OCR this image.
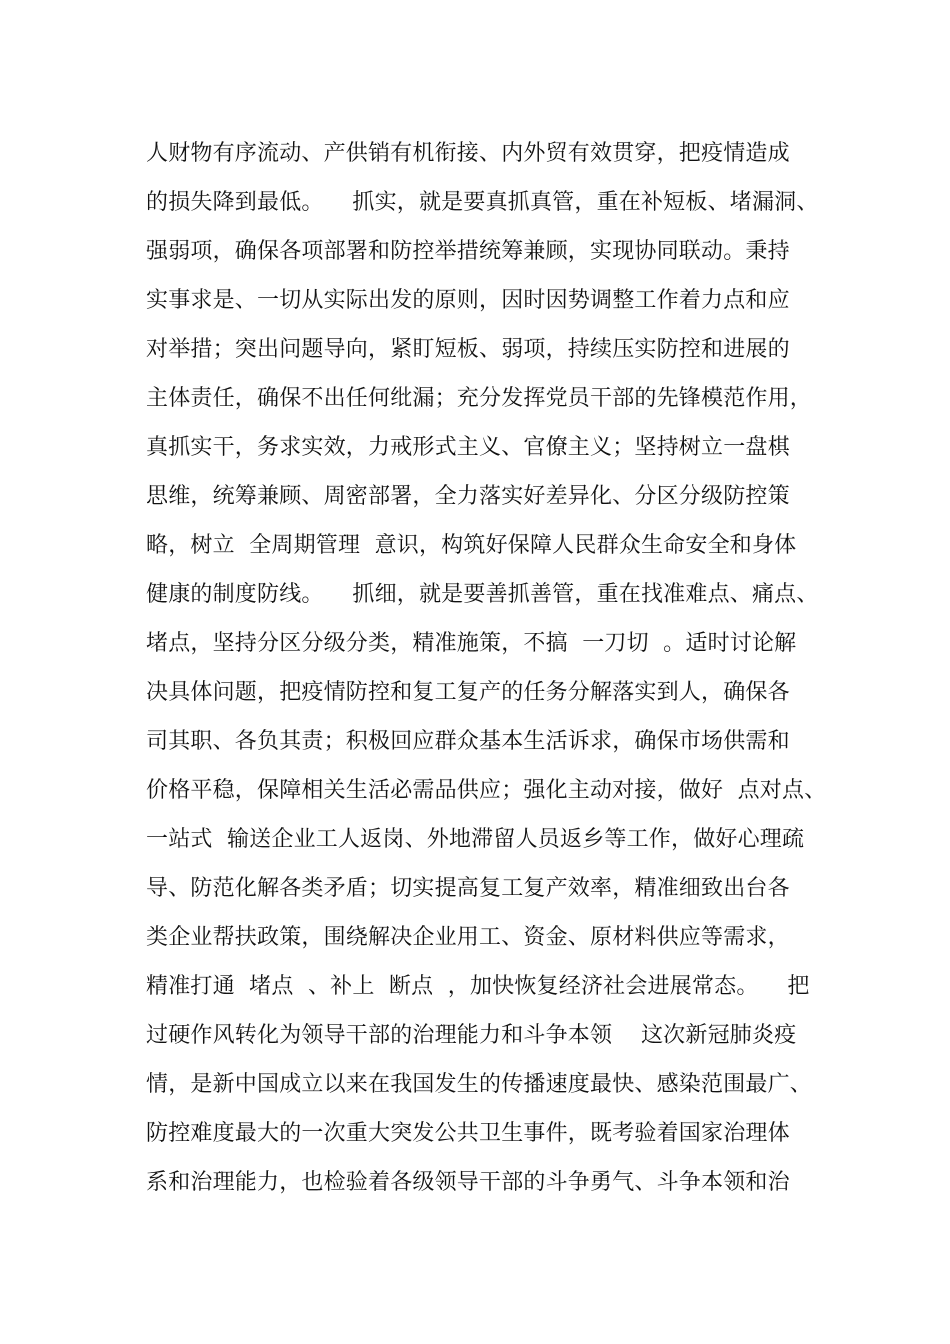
人财物有序流动、产供销有机衔接、内外贸有效贯穿，把疫情造成
的损失降到最低。    抓实，就是要真抓真管，重在补短板、堵漏洞、
强弱项，确保各项部署和防控举措统筹兼顾，实现协同联动。秉持
实事求是、一切从实际出发的原则，因时因势调整工作着力点和应
对举措；突出问题导向，紧盯短板、弱项，持续压实防控和进展的
主体责任，确保不出任何纰漏；充分发挥党员干部的先锋模范作用，
真抓实干，务求实效，力戒形式主义、官僚主义；坚持树立一盘棋
思维，统筹兼顾、周密部署，全力落实好差异化、分区分级防控策
略，树立  全周期管理  意识，构筑好保障人民群众生命安全和身体
健康的制度防线。    抓细，就是要善抓善管，重在找准难点、痛点、
堵点，坚持分区分级分类，精准施策，不搞  一刀切  。适时讨论解
决具体问题，把疫情防控和复工复产的任务分解落实到人，确保各
司其职、各负其责；积极回应群众基本生活诉求，确保市场供需和
价格平稳，保障相关生活必需品供应；强化主动对接，做好  点对点、
一站式  输送企业工人返岗、外地滞留人员返乡等工作，做好心理疏
导、防范化解各类矛盾；切实提高复工复产效率，精准细致出台各
类企业帮扶政策，围绕解决企业用工、资金、原材料供应等需求，
精准打通  堵点  、补上  断点  ，加快恢复经济社会进展常态。    把
过硬作风转化为领导干部的治理能力和斗争本领    这次新冠肺炎疫
情，是新中国成立以来在我国发生的传播速度最快、感染范围最广、
防控难度最大的一次重大突发公共卫生事件，既考验着国家治理体
系和治理能力，也检验着各级领导干部的斗争勇气、斗争本领和治
